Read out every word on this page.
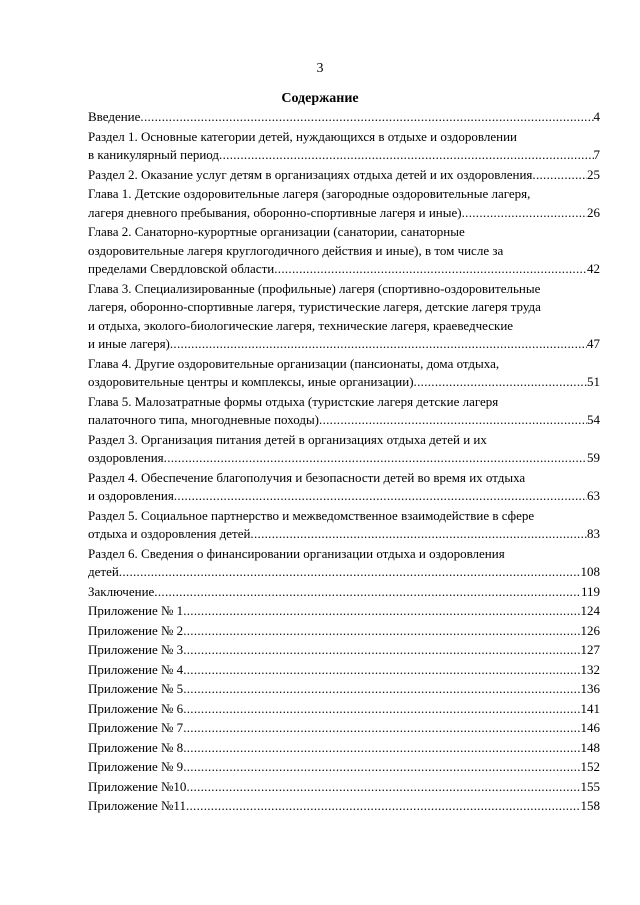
3
Содержание
Введение .....	4
Раздел 1. Основные категории детей, нуждающихся в отдыхе и оздоровлении
в каникулярный период .....	7
Раздел 2. Оказание услуг детям в организациях отдыха детей и их оздоровления .....	25
Глава 1. Детские оздоровительные лагеря (загородные оздоровительные лагеря,
лагеря дневного пребывания, оборонно-спортивные лагеря и иные) .....	26
Глава 2. Санаторно-курортные организации (санатории, санаторные
оздоровительные лагеря круглогодичного действия и иные), в том числе за
пределами Свердловской области .....	42
Глава 3. Специализированные (профильные) лагеря (спортивно-оздоровительные
лагеря, оборонно-спортивные лагеря, туристические лагеря, детские лагеря труда
и отдыха, эколого-биологические лагеря, технические лагеря, краеведческие
и иные лагеря) .....	47
Глава 4. Другие оздоровительные организации (пансионаты, дома отдыха,
оздоровительные центры и комплексы, иные организации) .....	51
Глава 5. Малозатратные формы отдыха (туристские лагеря детские лагеря
палаточного типа, многодневные походы) .....	54
Раздел 3. Организация питания детей в организациях отдыха детей и их
оздоровления .....	59
Раздел 4. Обеспечение благополучия и безопасности детей во время их отдыха
и оздоровления .....	63
Раздел 5. Социальное партнерство и межведомственное взаимодействие в сфере
отдыха и оздоровления детей .....	83
Раздел 6. Сведения о финансировании организации отдыха и оздоровления
детей .....	108
Заключение .....	119
Приложение № 1 .....	124
Приложение № 2 .....	126
Приложение № 3 .....	127
Приложение № 4 .....	132
Приложение № 5 .....	136
Приложение № 6 .....	141
Приложение № 7 .....	146
Приложение № 8 .....	148
Приложение № 9 .....	152
Приложение №10 .....	155
Приложение №11 .....	158
